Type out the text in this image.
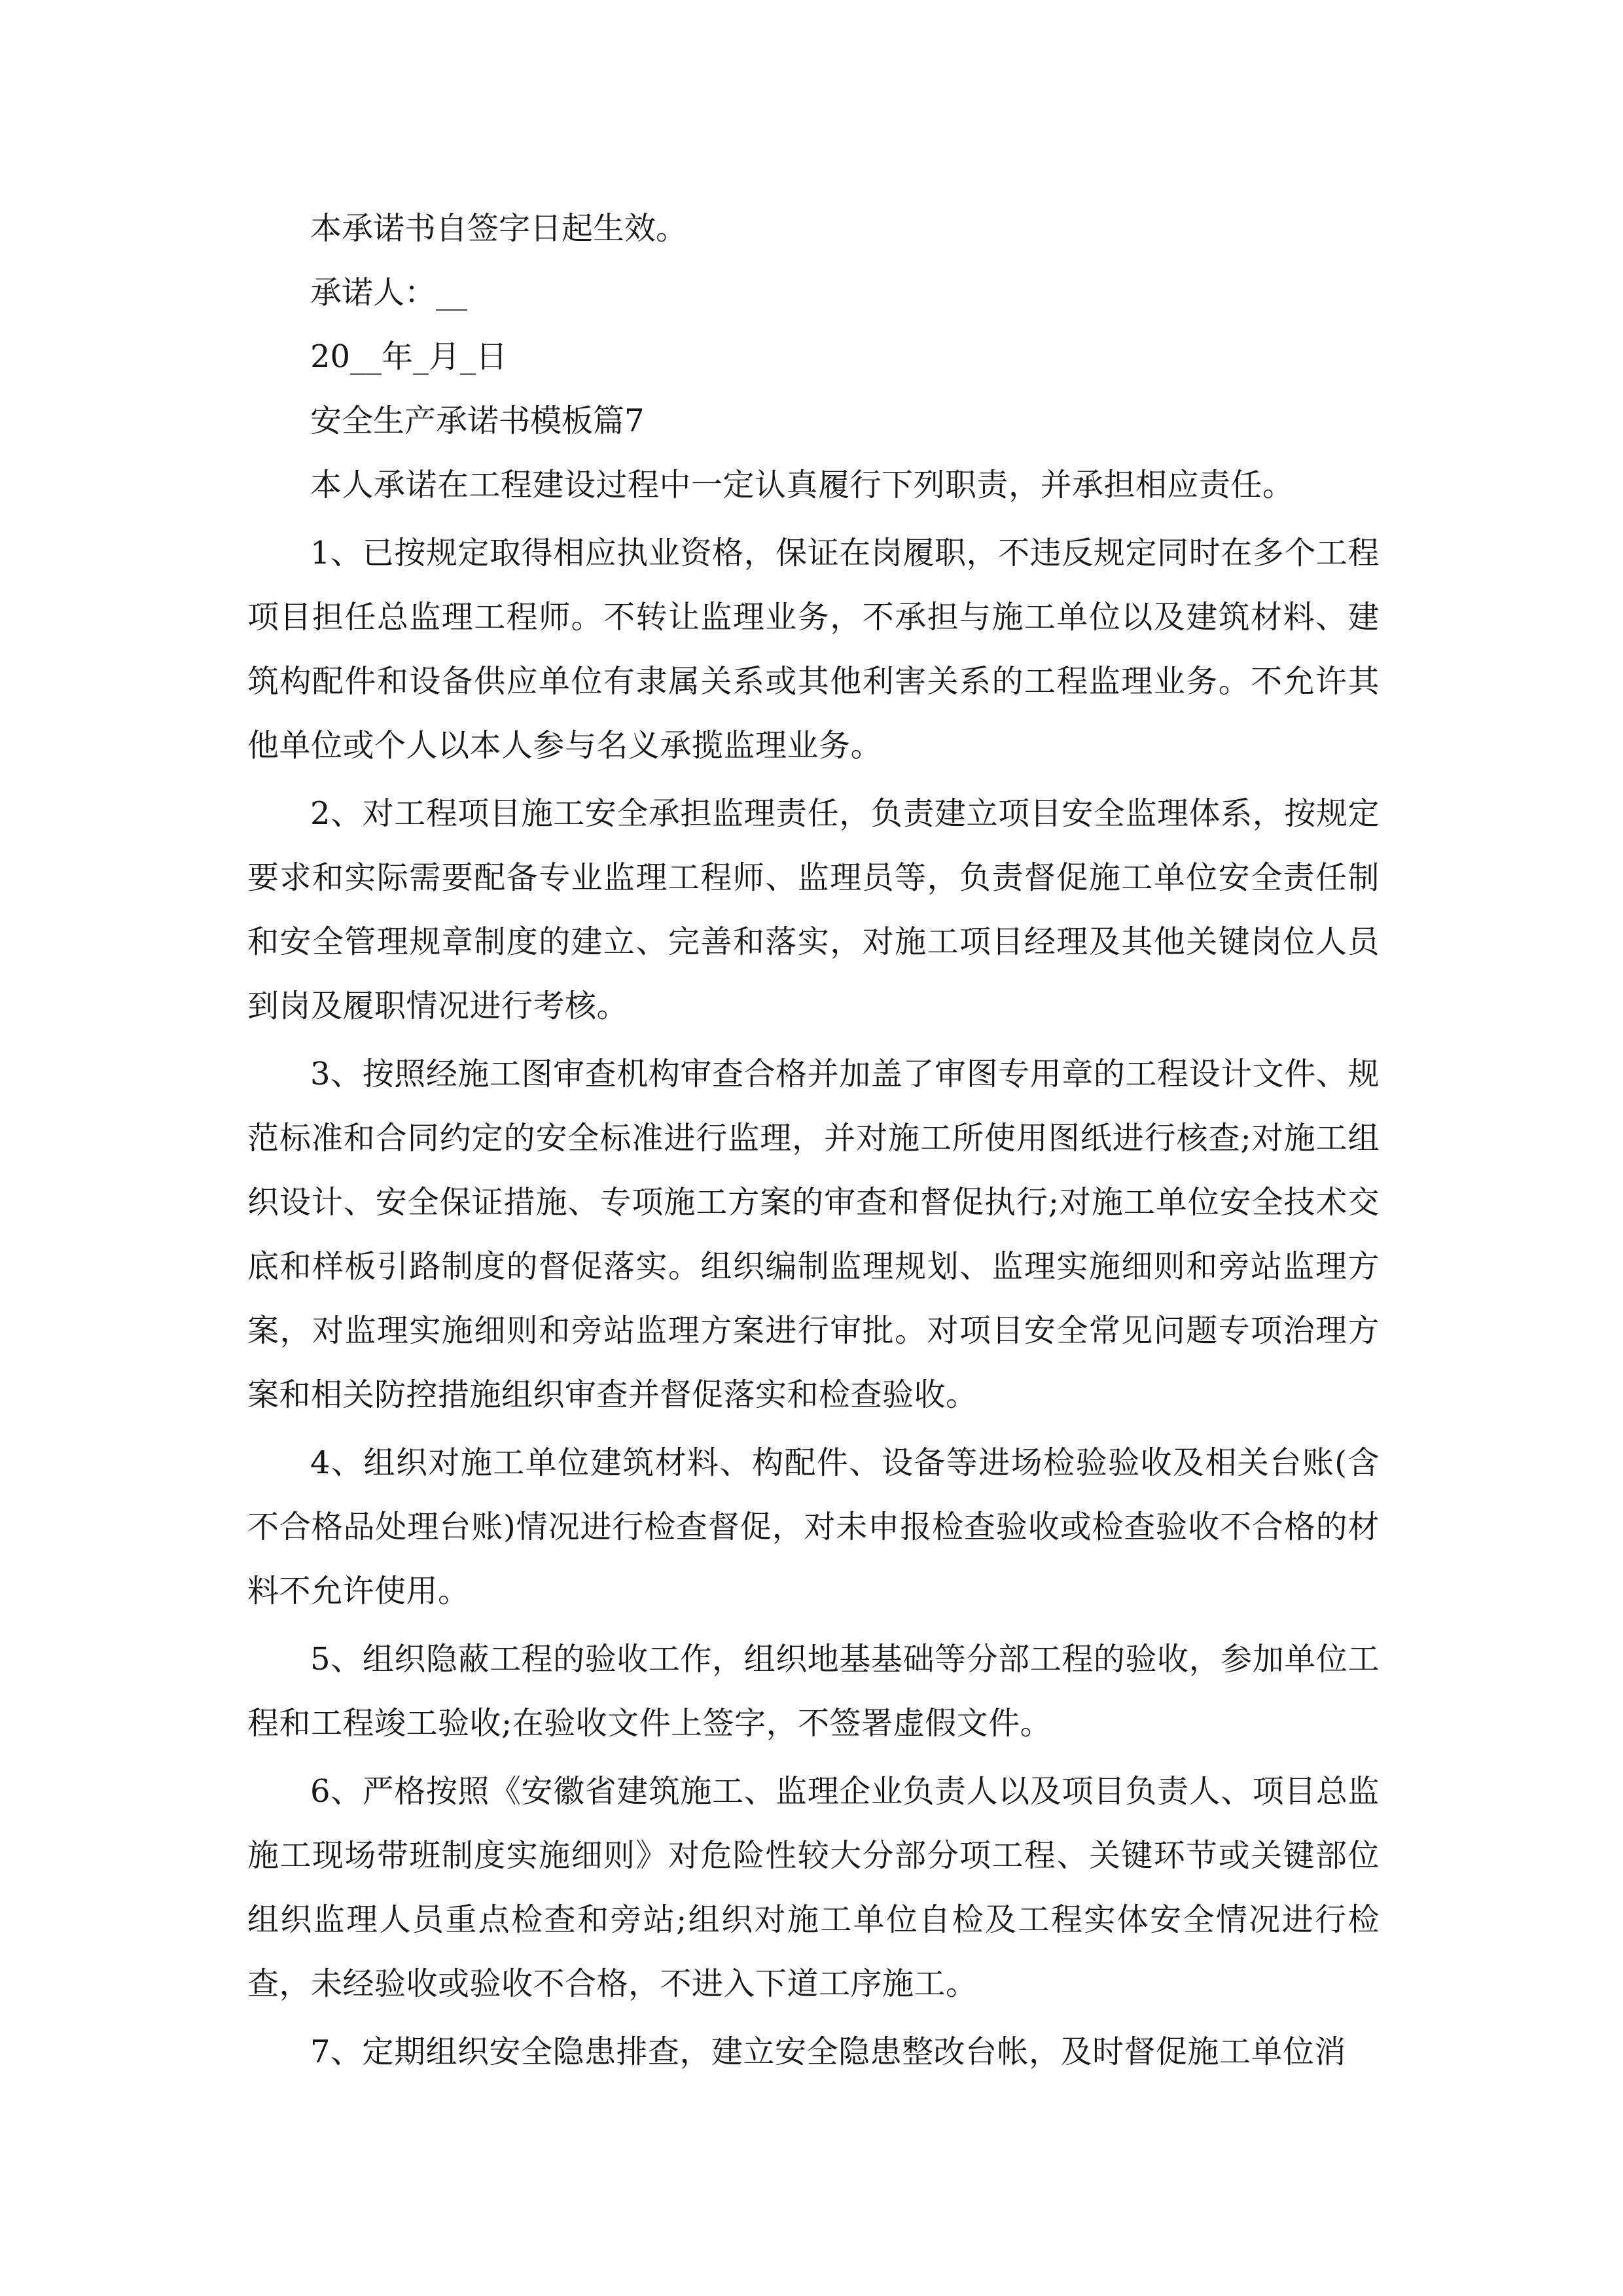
本承诺书自签字日起生效。

承诺人：__

20__年_月_日

安全生产承诺书模板篇7

本人承诺在工程建设过程中一定认真履行下列职责，并承担相应责任。

1、已按规定取得相应执业资格，保证在岗履职，不违反规定同时在多个工程项目担任总监理工程师。不转让监理业务，不承担与施工单位以及建筑材料、建筑构配件和设备供应单位有隶属关系或其他利害关系的工程监理业务。不允许其他单位或个人以本人参与名义承揽监理业务。

2、对工程项目施工安全承担监理责任，负责建立项目安全监理体系，按规定要求和实际需要配备专业监理工程师、监理员等，负责督促施工单位安全责任制和安全管理规章制度的建立、完善和落实，对施工项目经理及其他关键岗位人员到岗及履职情况进行考核。

3、按照经施工图审查机构审查合格并加盖了审图专用章的工程设计文件、规范标准和合同约定的安全标准进行监理，并对施工所使用图纸进行核查;对施工组织设计、安全保证措施、专项施工方案的审查和督促执行;对施工单位安全技术交底和样板引路制度的督促落实。组织编制监理规划、监理实施细则和旁站监理方案，对监理实施细则和旁站监理方案进行审批。对项目安全常见问题专项治理方案和相关防控措施组织审查并督促落实和检查验收。

4、组织对施工单位建筑材料、构配件、设备等进场检验验收及相关台账(含不合格品处理台账)情况进行检查督促，对未申报检查验收或检查验收不合格的材料不允许使用。

5、组织隐蔽工程的验收工作，组织地基基础等分部工程的验收，参加单位工程和工程竣工验收;在验收文件上签字，不签署虚假文件。

6、严格按照《安徽省建筑施工、监理企业负责人以及项目负责人、项目总监施工现场带班制度实施细则》对危险性较大分部分项工程、关键环节或关键部位组织监理人员重点检查和旁站;组织对施工单位自检及工程实体安全情况进行检查，未经验收或验收不合格，不进入下道工序施工。

7、定期组织安全隐患排查，建立安全隐患整改台帐，及时督促施工单位消
